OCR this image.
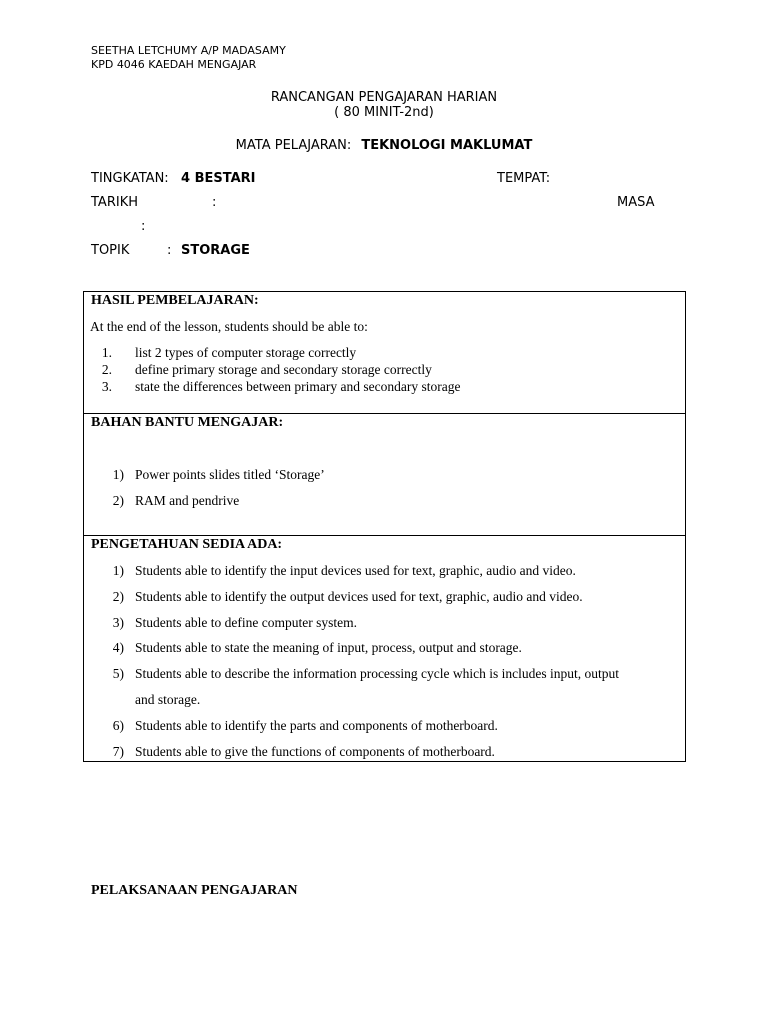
SEETHA LETCHUMY A/P MADASAMY
KPD 4046 KAEDAH MENGAJAR
RANCANGAN PENGAJARAN HARIAN
( 80 MINIT-2nd)
MATA PELAJARAN: TEKNOLOGI MAKLUMAT
TINGKATAN: 4 BESTARI	TEMPAT:
TARIKH	:	MASA
:
TOPIK	: STORAGE
HASIL PEMBELAJARAN:
At the end of the lesson, students should be able to:
1. list 2 types of computer storage correctly
2. define primary storage and secondary storage correctly
3. state the differences between primary and secondary storage
BAHAN BANTU MENGAJAR:
1) Power points slides titled ‘Storage’
2) RAM and pendrive
PENGETAHUAN SEDIA ADA:
1) Students able to identify the input devices used for text, graphic, audio and video.
2) Students able to identify the output devices used for text, graphic, audio and video.
3) Students able to define computer system.
4) Students able to state the meaning of input, process, output and storage.
5) Students able to describe the information processing cycle which is includes input, output
and storage.
6) Students able to identify the parts and components of motherboard.
7) Students able to give the functions of components of motherboard.
PELAKSANAAN PENGAJARAN
